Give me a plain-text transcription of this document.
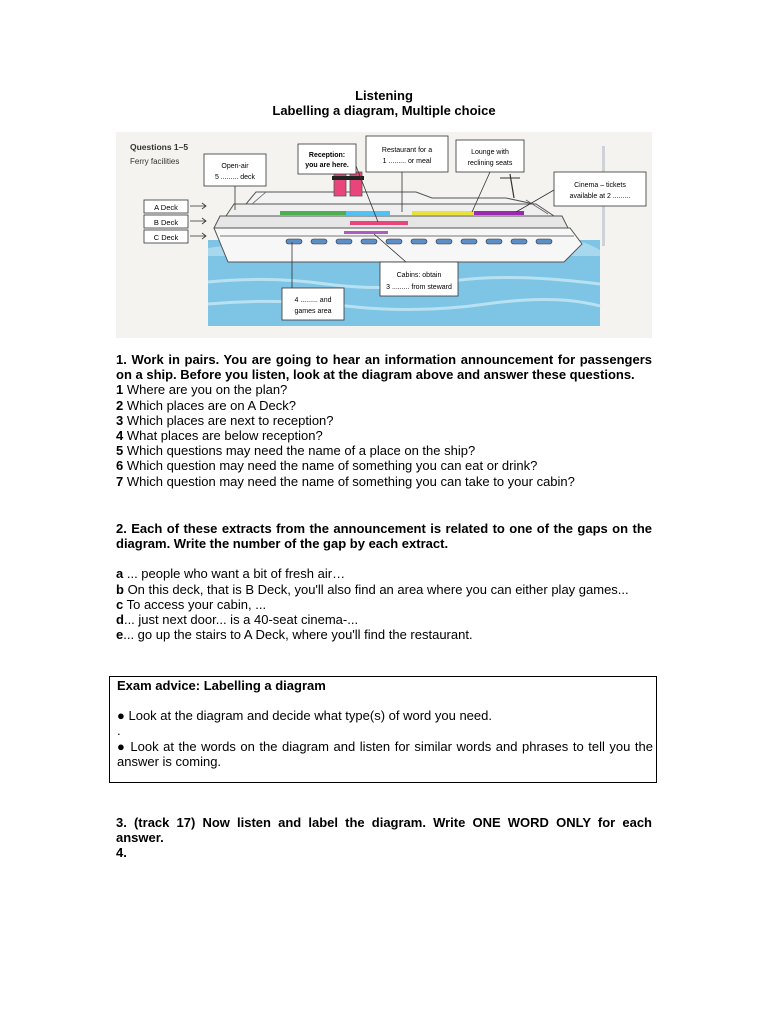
Listening
Labelling a diagram, Multiple choice
Questions 1–5
Ferry facilities
A Deck
B Deck
C Deck
Open-air
5 ......... deck
Reception:
you are here.
Restaurant for a
1 ......... or meal
Lounge with
reclining seats
Cinema – tickets
available at 2 .........
Cabins: obtain
3 ......... from steward
4 ......... and
games area
1. Work in pairs. You are going to hear an information announcement for passengers on a ship. Before you listen, look at the diagram above and answer these questions.
1 Where are you on the plan?
2 Which places are on A Deck?
3 Which places are next to reception?
4 What places are below reception?
5 Which questions may need the name of a place on the ship?
6 Which question may need the name of something you can eat or drink?
7 Which question may need the name of something you can take to your cabin?
2. Each of these extracts from the announcement is related to one of the gaps on the diagram. Write the number of the gap by each extract.
a ... people who want a bit of fresh air…
b On this deck, that is B Deck, you'll also find an area where you can either play games...
c To access your cabin, ...
d... just next door... is a 40-seat cinema-...
e... go up the stairs to A Deck, where you'll find the restaurant.
Exam advice: Labelling a diagram
● Look at the diagram and decide what type(s) of word you need.
.
● Look at the words on the diagram and listen for similar words and phrases to tell you the answer is coming.
3. (track 17) Now listen and label the diagram. Write ONE WORD ONLY for each answer.
4.
